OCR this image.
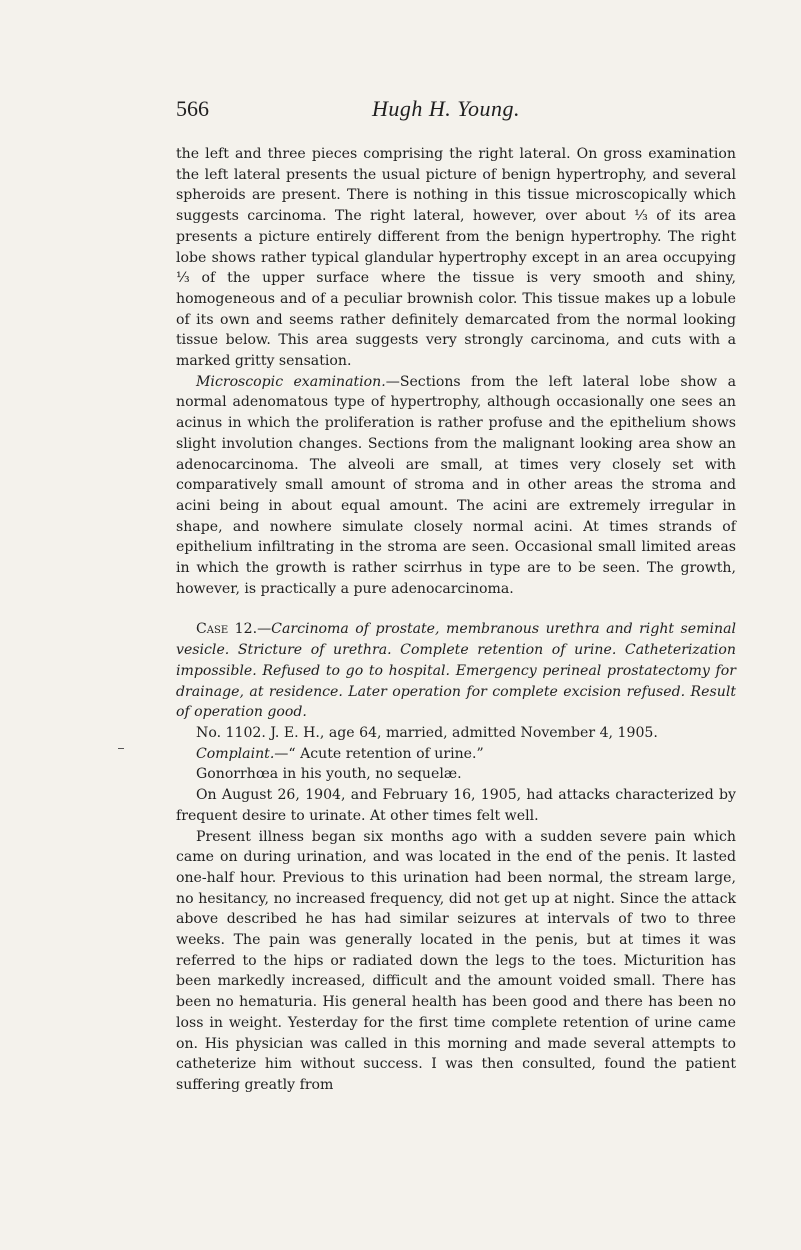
566	Hugh H. Young.

the left and three pieces comprising the right lateral. On gross examination the left lateral presents the usual picture of benign hypertrophy, and several spheroids are present. There is nothing in this tissue microscopically which suggests carcinoma. The right lateral, however, over about ⅓ of its area presents a picture entirely different from the benign hypertrophy. The right lobe shows rather typical glandular hypertrophy except in an area occupying ⅓ of the upper surface where the tissue is very smooth and shiny, homogeneous and of a peculiar brownish color. This tissue makes up a lobule of its own and seems rather definitely demarcated from the normal looking tissue below. This area suggests very strongly carcinoma, and cuts with a marked gritty sensation.

Microscopic examination.—Sections from the left lateral lobe show a normal adenomatous type of hypertrophy, although occasionally one sees an acinus in which the proliferation is rather profuse and the epithelium shows slight involution changes. Sections from the malignant looking area show an adenocarcinoma. The alveoli are small, at times very closely set with comparatively small amount of stroma and in other areas the stroma and acini being in about equal amount. The acini are extremely irregular in shape, and nowhere simulate closely normal acini. At times strands of epithelium infiltrating in the stroma are seen. Occasional small limited areas in which the growth is rather scirrhus in type are to be seen. The growth, however, is practically a pure adenocarcinoma.

Case 12.—Carcinoma of prostate, membranous urethra and right seminal vesicle. Stricture of urethra. Complete retention of urine. Catheterization impossible. Refused to go to hospital. Emergency perineal prostatectomy for drainage, at residence. Later operation for complete excision refused. Result of operation good.

No. 1102. J. E. H., age 64, married, admitted November 4, 1905.

Complaint.—“ Acute retention of urine.”

Gonorrhœa in his youth, no sequelæ.

On August 26, 1904, and February 16, 1905, had attacks characterized by frequent desire to urinate. At other times felt well.

Present illness began six months ago with a sudden severe pain which came on during urination, and was located in the end of the penis. It lasted one-half hour. Previous to this urination had been normal, the stream large, no hesitancy, no increased frequency, did not get up at night. Since the attack above described he has had similar seizures at intervals of two to three weeks. The pain was generally located in the penis, but at times it was referred to the hips or radiated down the legs to the toes. Micturition has been markedly increased, difficult and the amount voided small. There has been no hematuria. His general health has been good and there has been no loss in weight. Yesterday for the first time complete retention of urine came on. His physician was called in this morning and made several attempts to catheterize him without success. I was then consulted, found the patient suffering greatly from
